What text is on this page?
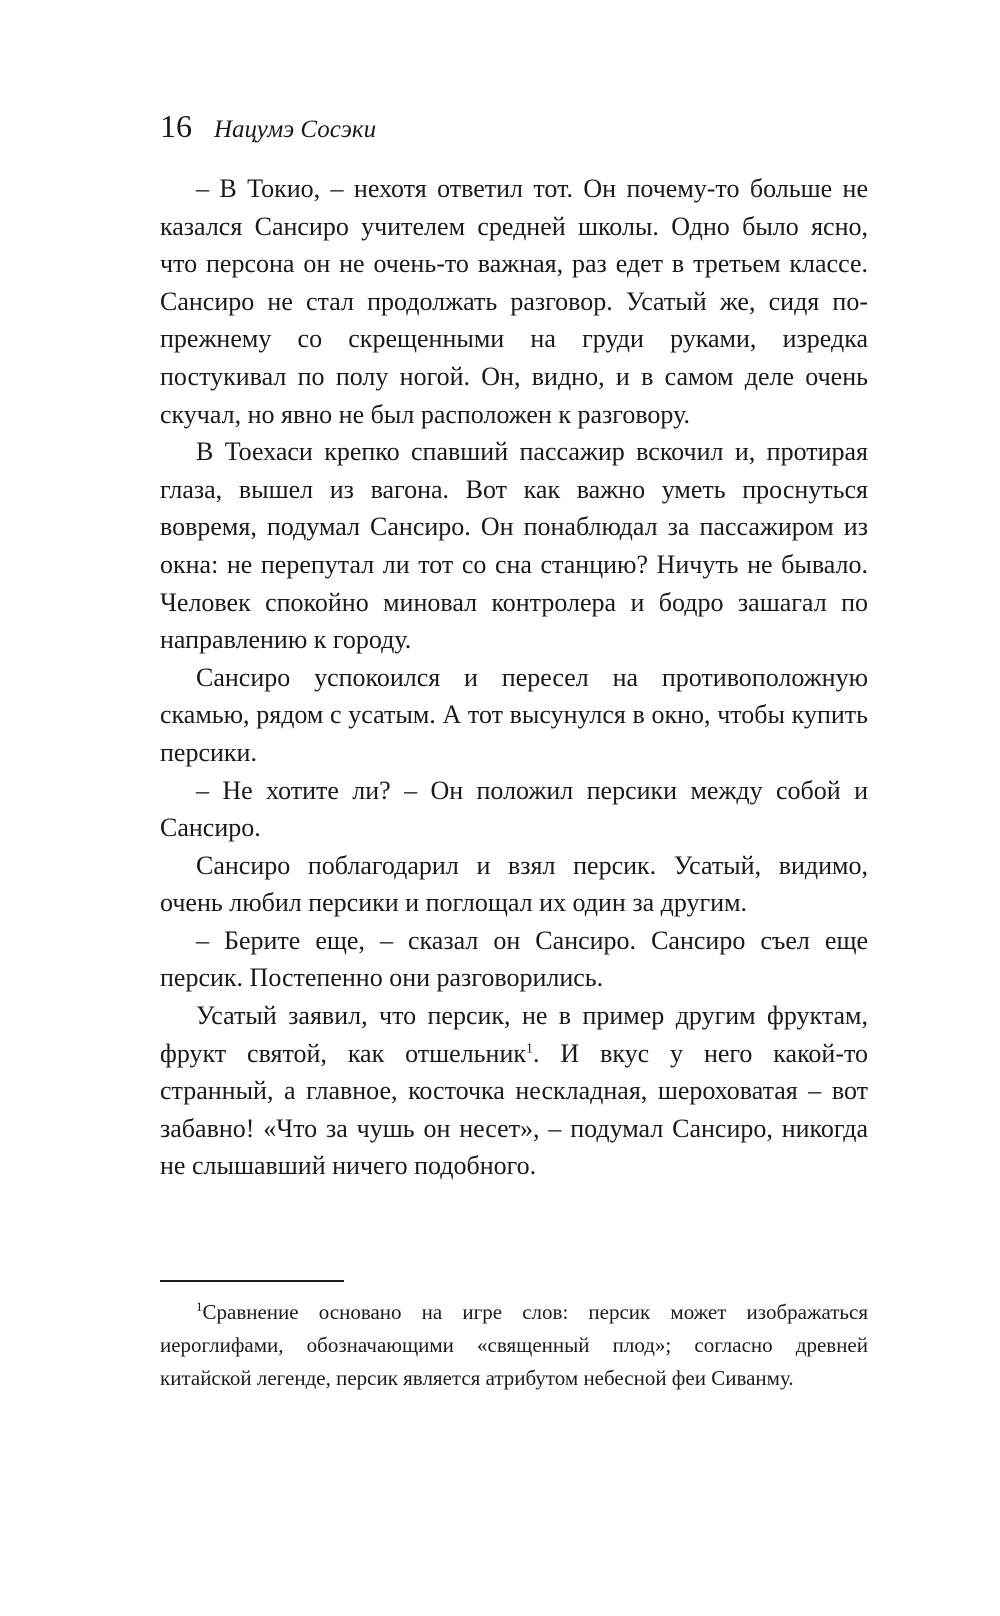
16 Нацумэ Сосэки

– В Токио, – нехотя ответил тот. Он почему-то больше не казался Сансиро учителем средней школы. Одно было ясно, что персона он не очень-то важная, раз едет в третьем классе. Сансиро не стал продолжать разговор. Усатый же, сидя по-прежнему со скрещенными на груди руками, изредка постукивал по полу ногой. Он, видно, и в самом деле очень скучал, но явно не был расположен к разговору.

В Тоехаси крепко спавший пассажир вскочил и, протирая глаза, вышел из вагона. Вот как важно уметь проснуться вовремя, подумал Сансиро. Он понаблюдал за пассажиром из окна: не перепутал ли тот со сна станцию? Ничуть не бывало. Человек спокойно миновал контролера и бодро зашагал по направлению к городу.

Сансиро успокоился и пересел на противоположную скамью, рядом с усатым. А тот высунулся в окно, чтобы купить персики.

– Не хотите ли? – Он положил персики между собой и Сансиро.

Сансиро поблагодарил и взял персик. Усатый, видимо, очень любил персики и поглощал их один за другим.

– Берите еще, – сказал он Сансиро. Сансиро съел еще персик. Постепенно они разговорились.

Усатый заявил, что персик, не в пример другим фруктам, фрукт святой, как отшельник$^1$. И вкус у него какой-то странный, а главное, косточка нескладная, шероховатая – вот забавно! «Что за чушь он несет», – подумал Сансиро, никогда не слышавший ничего подобного.

$^1$Сравнение основано на игре слов: персик может изображаться иероглифами, обозначающими «священный плод»; согласно древней китайской легенде, персик является атрибутом небесной феи Сиванму.
